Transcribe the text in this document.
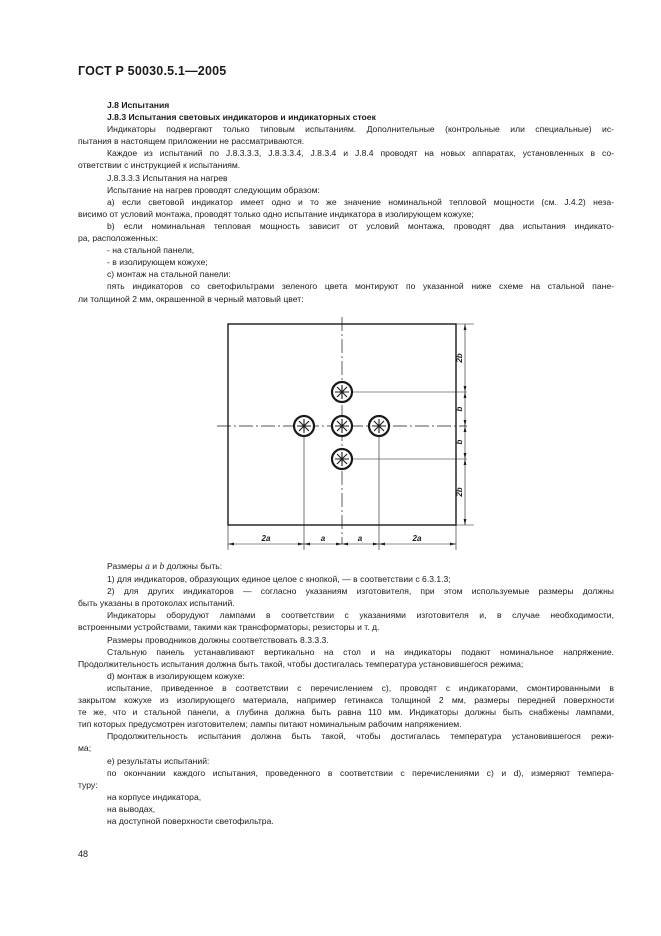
ГОСТ Р 50030.5.1—2005
J.8 Испытания
J.8.3 Испытания световых индикаторов и индикаторных стоек
Индикаторы подвергают только типовым испытаниям. Дополнительные (контрольные или специальные) ис-
пытания в настоящем приложении не рассматриваются.
Каждое из испытаний по J.8.3.3.3, J.8.3.3.4, J.8.3.4 и J.8.4 проводят на новых аппаратах, установленных в со-
ответствии с инструкцией к испытаниям.
J.8.3.3.3 Испытания на нагрев
Испытание на нагрев проводят следующим образом:
а) если световой индикатор имеет одно и то же значение номинальной тепловой мощности (см. J.4.2) неза-
висимо от условий монтажа, проводят только одно испытание индикатора в изолирующем кожухе;
b) если номинальная тепловая мощность зависит от условий монтажа, проводят два испытания индикато-
ра, расположенных:
- на стальной панели,
- в изолирующем кожухе;
c) монтаж на стальной панели:
пять индикаторов со светофильтрами зеленого цвета монтируют по указанной ниже схеме на стальной пане-
ли толщиной 2 мм, окрашенной в черный матовый цвет:
2a	a	a	2a
2b
b
b
2b
Размеры a и b должны быть:
1) для индикаторов, образующих единое целое с кнопкой, — в соответствии с 6.3.1.3;
2) для других индикаторов — согласно указаниям изготовителя, при этом используемые размеры должны
быть указаны в протоколах испытаний.
Индикаторы оборудуют лампами в соответствии с указаниями изготовителя и, в случае необходимости,
встроенными устройствами, такими как трансформаторы, резисторы и т. д.
Размеры проводников должны соответствовать 8.3.3.3.
Стальную панель устанавливают вертикально на стол и на индикаторы подают номинальное напряжение.
Продолжительность испытания должна быть такой, чтобы достигалась температура установившегося режима;
d) монтаж в изолирующем кожухе:
испытание, приведенное в соответствии с перечислением с), проводят с индикаторами, смонтированными в
закрытом кожухе из изолирующего материала, например гетинакса толщиной 2 мм, размеры передней поверхности
те же, что и стальной панели, а глубина должна быть равна 110 мм. Индикаторы должны быть снабжены лампами,
тип которых предусмотрен изготовителем; лампы питают номинальным рабочим напряжением.
Продолжительность испытания должна быть такой, чтобы достигалась температура установившегося режи-
ма;
е) результаты испытаний:
по окончании каждого испытания, проведенного в соответствии с перечислениями с) и d), измеряют темпера-
туру:
на корпусе индикатора,
на выводах,
на доступной поверхности светофильтра.
48
